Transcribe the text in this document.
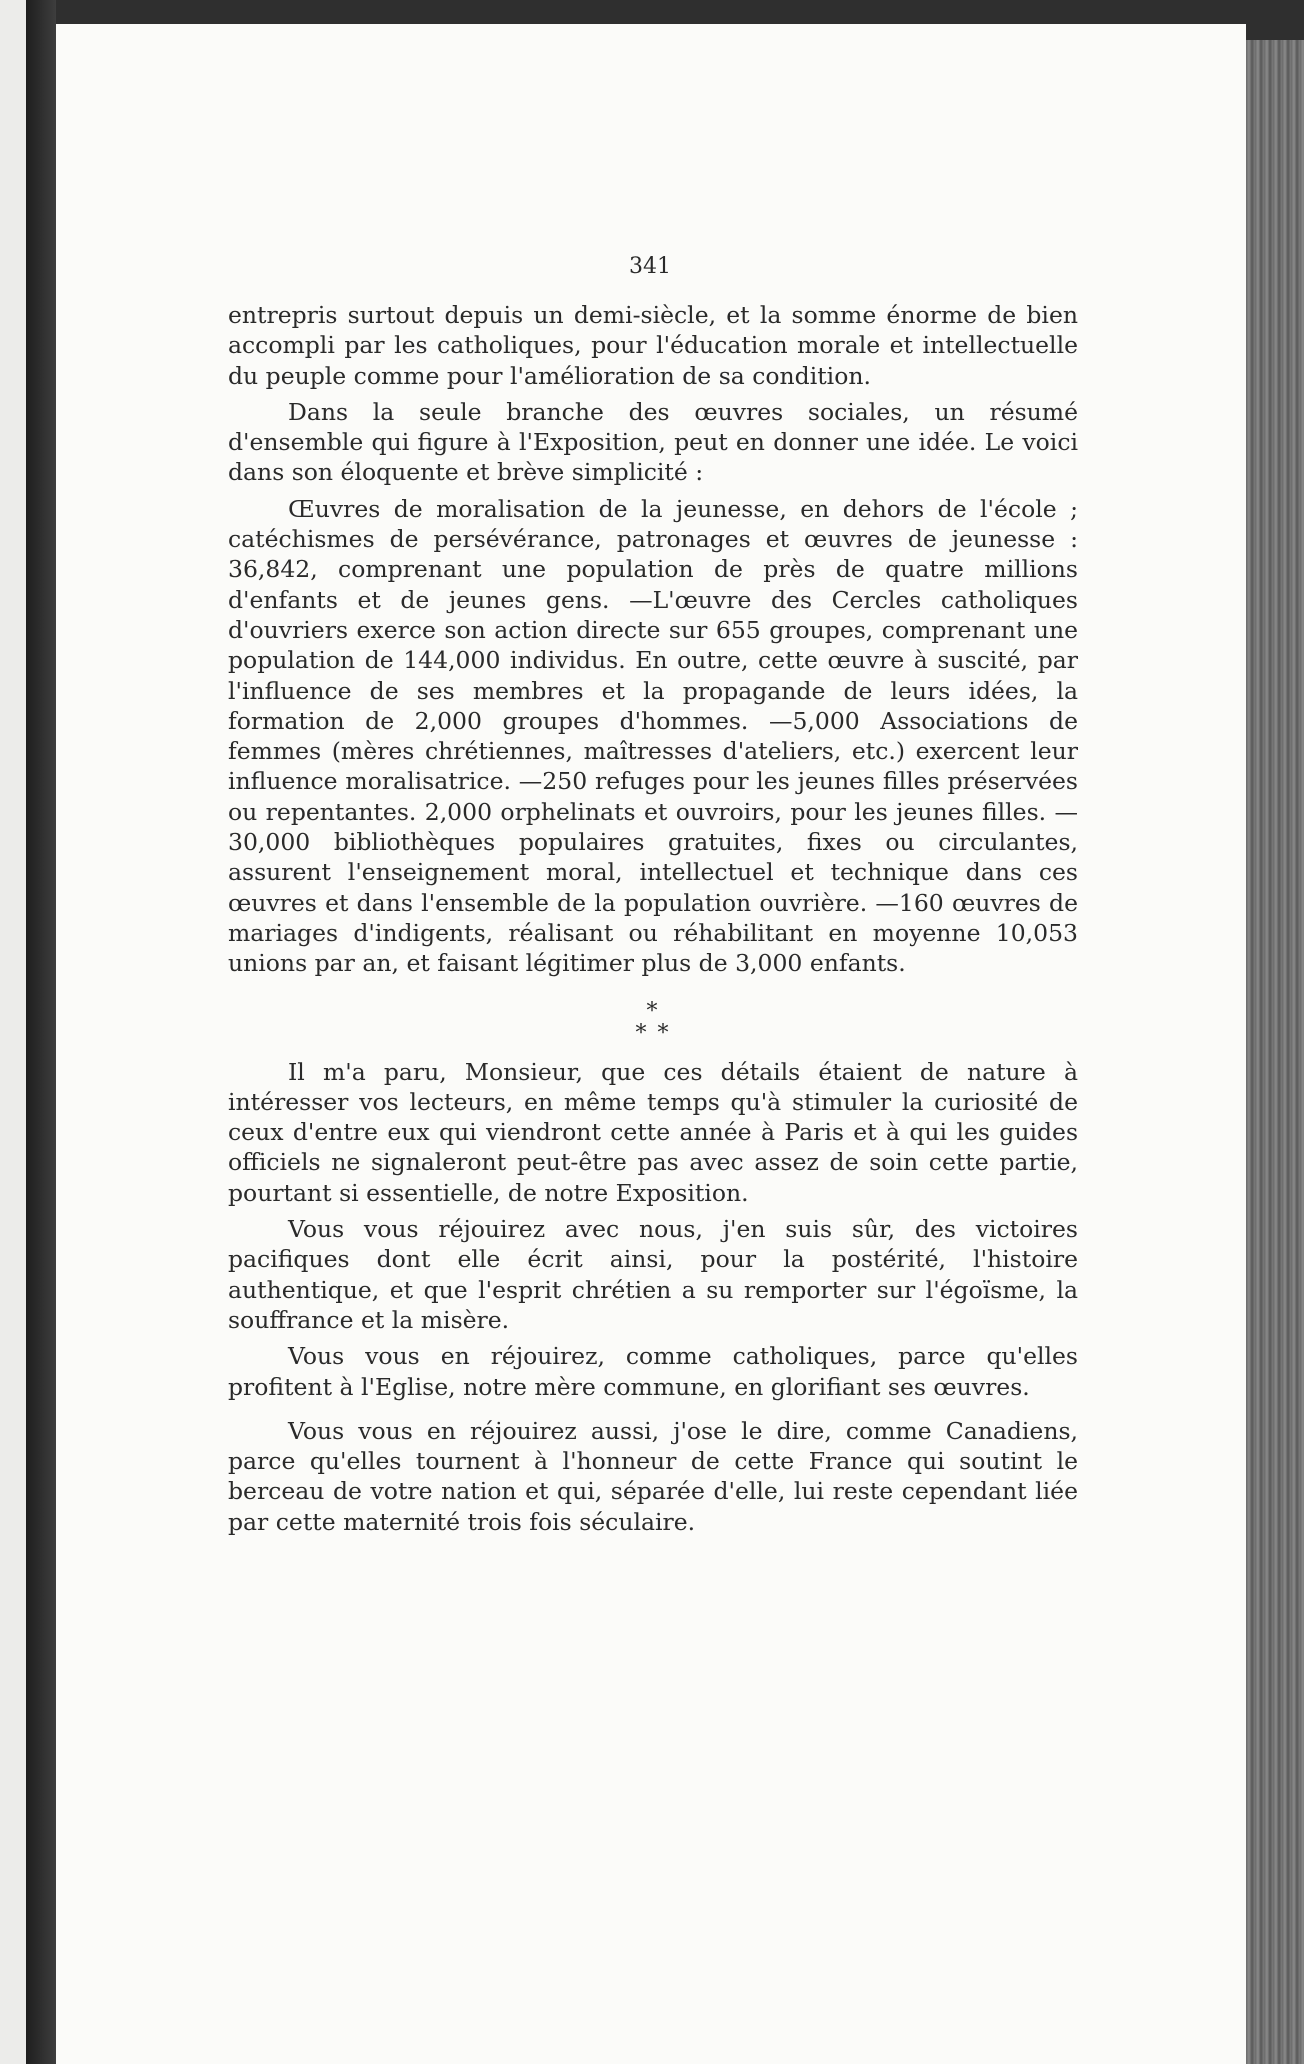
341

entrepris surtout depuis un demi-siècle, et la somme énorme de bien accompli par les catholiques, pour l'éducation morale et intellectuelle du peuple comme pour l'amélioration de sa condition.

Dans la seule branche des œuvres sociales, un résumé d'ensemble qui figure à l'Exposition, peut en donner une idée. Le voici dans son éloquente et brève simplicité :

Œuvres de moralisation de la jeunesse, en dehors de l'école ; catéchismes de persévérance, patronages et œuvres de jeunesse : 36,842, comprenant une population de près de quatre millions d'enfants et de jeunes gens. —L'œuvre des Cercles catholiques d'ouvriers exerce son action directe sur 655 groupes, comprenant une population de 144,000 individus. En outre, cette œuvre à suscité, par l'influence de ses membres et la propagande de leurs idées, la formation de 2,000 groupes d'hommes. —5,000 Associations de femmes (mères chrétiennes, maîtresses d'ateliers, etc.) exercent leur influence moralisatrice. —250 refuges pour les jeunes filles préservées ou repentantes. 2,000 orphelinats et ouvroirs, pour les jeunes filles. —30,000 bibliothèques populaires gratuites, fixes ou circulantes, assurent l'enseignement moral, intellectuel et technique dans ces œuvres et dans l'ensemble de la population ouvrière. —160 œuvres de mariages d'indigents, réalisant ou réhabilitant en moyenne 10,053 unions par an, et faisant légitimer plus de 3,000 enfants.

*
* *

Il m'a paru, Monsieur, que ces détails étaient de nature à intéresser vos lecteurs, en même temps qu'à stimuler la curiosité de ceux d'entre eux qui viendront cette année à Paris et à qui les guides officiels ne signaleront peut-être pas avec assez de soin cette partie, pourtant si essentielle, de notre Exposition.

Vous vous réjouirez avec nous, j'en suis sûr, des victoires pacifiques dont elle écrit ainsi, pour la postérité, l'histoire authentique, et que l'esprit chrétien a su remporter sur l'égoïsme, la souffrance et la misère.

Vous vous en réjouirez, comme catholiques, parce qu'elles profitent à l'Eglise, notre mère commune, en glorifiant ses œuvres.

Vous vous en réjouirez aussi, j'ose le dire, comme Canadiens, parce qu'elles tournent à l'honneur de cette France qui soutint le berceau de votre nation et qui, séparée d'elle, lui reste cependant liée par cette maternité trois fois séculaire.
